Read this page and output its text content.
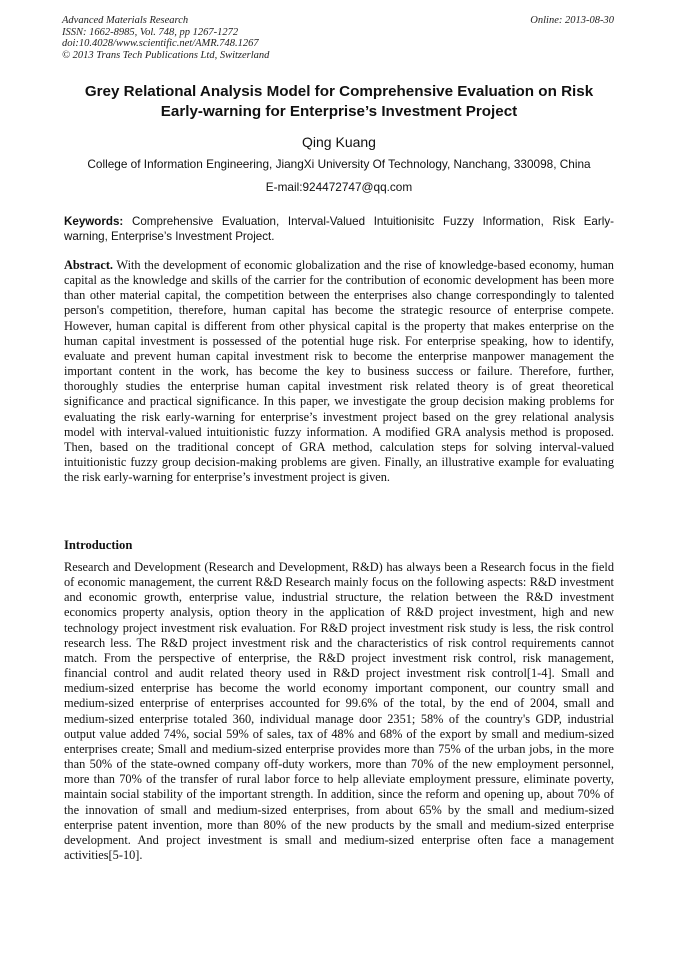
Advanced Materials Research
ISSN: 1662-8985, Vol. 748, pp 1267-1272
doi:10.4028/www.scientific.net/AMR.748.1267
© 2013 Trans Tech Publications Ltd, Switzerland
Online: 2013-08-30
Grey Relational Analysis Model for Comprehensive Evaluation on Risk
Early-warning for Enterprise’s Investment Project
Qing Kuang
College of Information Engineering, JiangXi University Of Technology, Nanchang, 330098, China
E-mail:924472747@qq.com
Keywords: Comprehensive Evaluation, Interval-Valued Intuitionisitc Fuzzy Information, Risk Early-warning, Enterprise’s Investment Project.
Abstract. With the development of economic globalization and the rise of knowledge-based economy, human capital as the knowledge and skills of the carrier for the contribution of economic development has been more than other material capital, the competition between the enterprises also change correspondingly to talented person's competition, therefore, human capital has become the strategic resource of enterprise compete. However, human capital is different from other physical capital is the property that makes enterprise on the human capital investment is possessed of the potential huge risk. For enterprise speaking, how to identify, evaluate and prevent human capital investment risk to become the enterprise manpower management the important content in the work, has become the key to business success or failure. Therefore, further, thoroughly studies the enterprise human capital investment risk related theory is of great theoretical significance and practical significance. In this paper, we investigate the group decision making problems for evaluating the risk early-warning for enterprise’s investment project based on the grey relational analysis model with interval-valued intuitionistic fuzzy information. A modified GRA analysis method is proposed. Then, based on the traditional concept of GRA method, calculation steps for solving interval-valued intuitionistic fuzzy group decision-making problems are given. Finally, an illustrative example for evaluating the risk early-warning for enterprise’s investment project is given.
Introduction
Research and Development (Research and Development, R&D) has always been a Research focus in the field of economic management, the current R&D Research mainly focus on the following aspects: R&D investment and economic growth, enterprise value, industrial structure, the relation between the R&D investment economics property analysis, option theory in the application of R&D project investment, high and new technology project investment risk evaluation. For R&D project investment risk study is less, the risk control research less. The R&D project investment risk and the characteristics of risk control requirements cannot match. From the perspective of enterprise, the R&D project investment risk control, risk management, financial control and audit related theory used in R&D project investment risk control[1-4]. Small and medium-sized enterprise has become the world economy important component, our country small and medium-sized enterprise of enterprises accounted for 99.6% of the total, by the end of 2004, small and medium-sized enterprise totaled 360, individual manage door 2351; 58% of the country's GDP, industrial output value added 74%, social 59% of sales, tax of 48% and 68% of the export by small and medium-sized enterprises create; Small and medium-sized enterprise provides more than 75% of the urban jobs, in the more than 50% of the state-owned company off-duty workers, more than 70% of the new employment personnel, more than 70% of the transfer of rural labor force to help alleviate employment pressure, eliminate poverty, maintain social stability of the important strength. In addition, since the reform and opening up, about 70% of the innovation of small and medium-sized enterprises, from about 65% by the small and medium-sized enterprise patent invention, more than 80% of the new products by the small and medium-sized enterprise development. And project investment is small and medium-sized enterprise often face a management activities[5-10].
